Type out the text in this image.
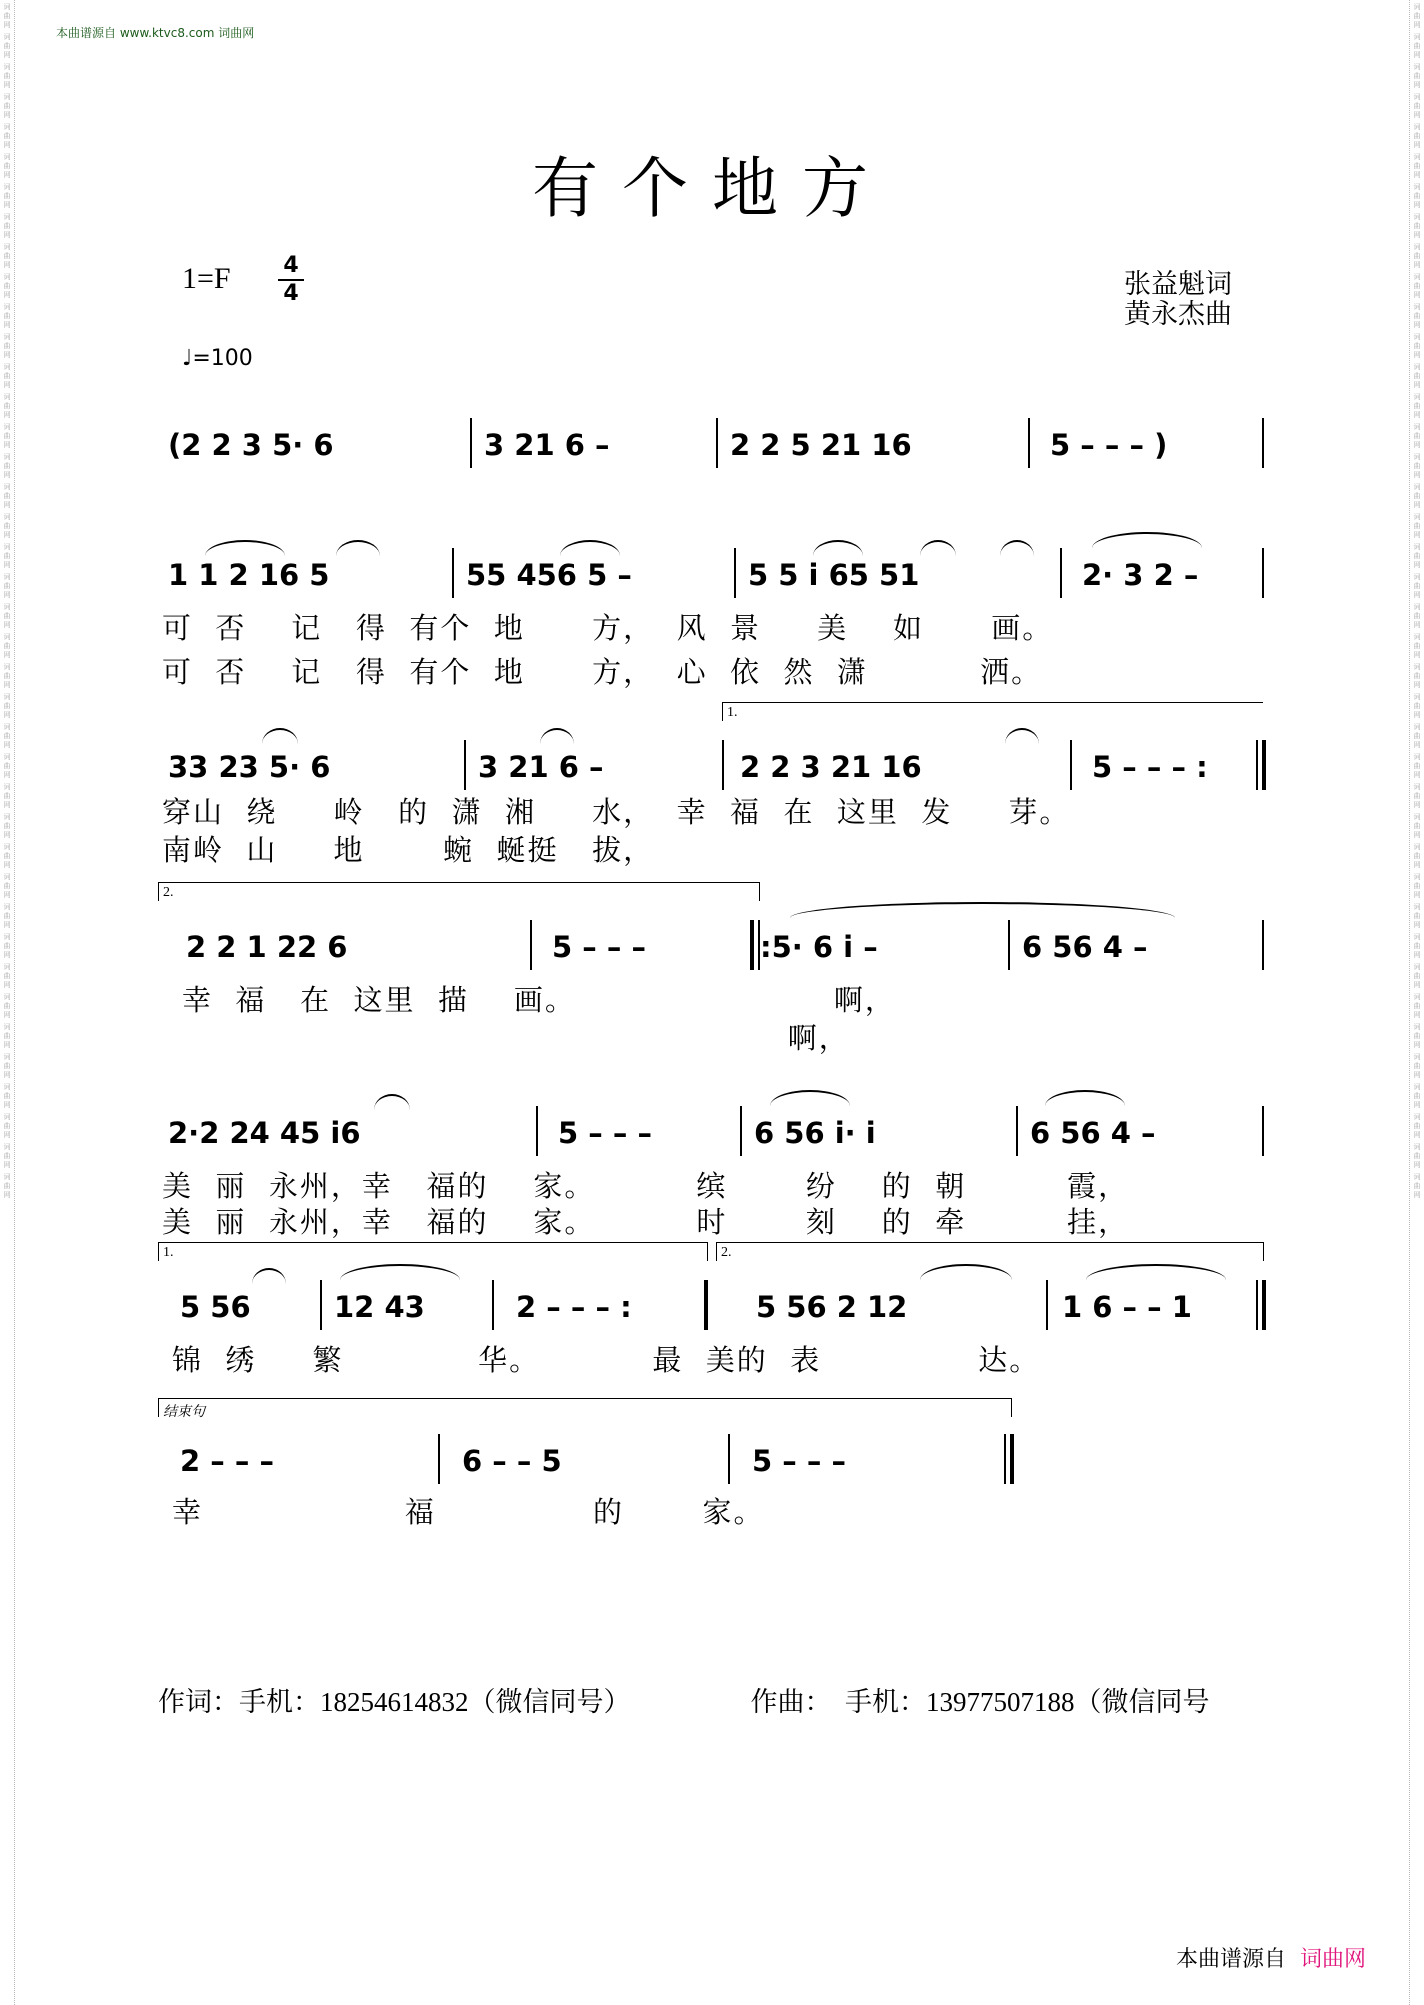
词
曲
网
词
曲
网
词
曲
网
词
曲
网
词
曲
网
词
曲
网
词
曲
网
词
曲
网
词
曲
网
词
曲
网
词
曲
网
词
曲
网
词
曲
网
词
曲
网
词
曲
网
词
曲
网
词
曲
网
词
曲
网
词
曲
网
词
曲
网
词
曲
网
词
曲
网
词
曲
网
词
曲
网
词
曲
网
词
曲
网
词
曲
网
词
曲
网
词
曲
网
词
曲
网
词
曲
网
词
曲
网
词
曲
网
词
曲
网
词
曲
网
词
曲
网
词
曲
网
词
曲
网
词
曲
网
词
曲
网
词
曲
网
词
曲
网
词
曲
网
词
曲
网
词
曲
网
词
曲
网
词
曲
网
词
曲
网
词
曲
网
词
曲
网
词
曲
网
词
曲
网
词
曲
网
词
曲
网
词
曲
网
词
曲
网
词
曲
网
词
曲
网
词
曲
网
词
曲
网
词
曲
网
词
曲
网
词
曲
网
词
曲
网
词
曲
网
词
曲
网
词
曲
网
词
曲
网
词
曲
网
词
曲
网
词
曲
网
词
曲
网
词
曲
网
词
曲
网
词
曲
网
词
曲
网
词
曲
网
词
曲
网
词
曲
网
词
曲
网
本曲谱源自 www.ktvc8.com 词曲网
有个地方
1=F 4
4
♩=100
张益魁词
黄永杰曲
(2 2 3 5· 6	3 21 6 –	2 2 5 21 16	5 – – – )
1 1 2 16 5	55 456 5 –	5 5 i 65 51	2· 3 2 –
可  否    记   得  有个  地      方，  风  景     美    如      画。
可  否    记   得  有个  地      方，  心  依  然  潇          洒。
1.
33 23 5· 6	3 21 6 –	2 2 3 21 16	5 – – – :
穿山  绕     岭   的  潇  湘     水，  幸  福  在  这里  发     芽。
南岭  山     地       蜿  蜒挺   拔，
2.
2 2 1 22 6	5 – – –	:5· 6 i –	6 56 4 –
幸  福   在  这里  描    画。                       啊，
啊，
2·2 24 45 i6	5 – – –	6 56 i· i	6 56 4 –
美  丽  永州，幸   福的    家。         缤       纷    的  朝         霞，
美  丽  永州，幸   福的    家。         时       刻    的  牵         挂，
1.	2.
5 56	12 43	2 – – – :	5 56 2 12	1 6 – – 1
锦  绣     繁            华。          最  美的  表              达。
结束句
2 – – –	6 – – 5	5 – – –
幸                  福              的       家。
作词：手机：18254614832（微信同号）	作曲：  手机：13977507188（微信同号
本曲谱源自 词曲网
